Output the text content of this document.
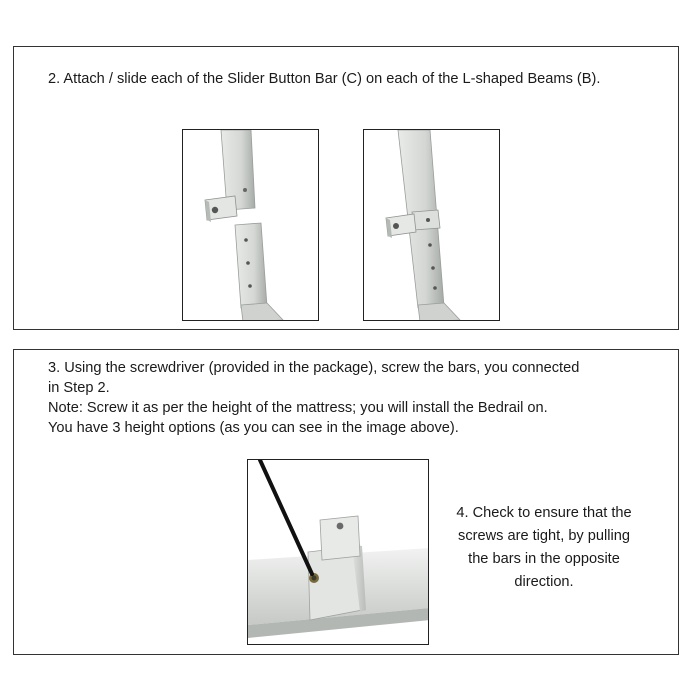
2. Attach / slide each of the Slider Button Bar (C) on each of the L-shaped Beams (B).
3. Using the screwdriver (provided in the package), screw the bars, you connected
in Step 2.
Note: Screw it as per the height of the mattress; you will install the Bedrail on.
You have 3 height options (as you can see in the image above).
4. Check to ensure that the
screws are tight, by pulling
the bars in the opposite
direction.
